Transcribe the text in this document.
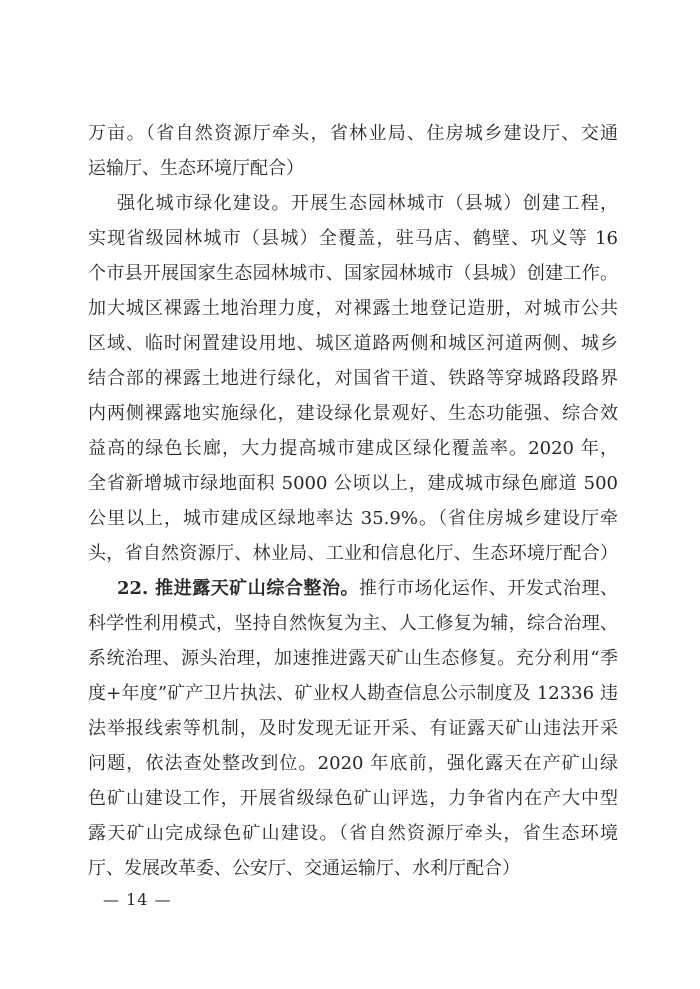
万亩。（省自然资源厅牵头，省林业局、住房城乡建设厅、交通
运输厅、生态环境厅配合）
强化城市绿化建设。开展生态园林城市（县城）创建工程，
实现省级园林城市（县城）全覆盖，驻马店、鹤壁、巩义等 16
个市县开展国家生态园林城市、国家园林城市（县城）创建工作。
加大城区裸露土地治理力度，对裸露土地登记造册，对城市公共
区域、临时闲置建设用地、城区道路两侧和城区河道两侧、城乡
结合部的裸露土地进行绿化，对国省干道、铁路等穿城路段路界
内两侧裸露地实施绿化，建设绿化景观好、生态功能强、综合效
益高的绿色长廊，大力提高城市建成区绿化覆盖率。2020 年，
全省新增城市绿地面积 5000 公顷以上，建成城市绿色廊道 500
公里以上，城市建成区绿地率达 35.9%。（省住房城乡建设厅牵
头，省自然资源厅、林业局、工业和信息化厅、生态环境厅配合）
22. 推进露天矿山综合整治。推行市场化运作、开发式治理、
科学性利用模式，坚持自然恢复为主、人工修复为辅，综合治理、
系统治理、源头治理，加速推进露天矿山生态修复。充分利用“季
度+年度”矿产卫片执法、矿业权人勘查信息公示制度及 12336 违
法举报线索等机制，及时发现无证开采、有证露天矿山违法开采
问题，依法查处整改到位。2020 年底前，强化露天在产矿山绿
色矿山建设工作，开展省级绿色矿山评选，力争省内在产大中型
露天矿山完成绿色矿山建设。（省自然资源厅牵头，省生态环境
厅、发展改革委、公安厅、交通运输厅、水利厅配合）
— 14 —
